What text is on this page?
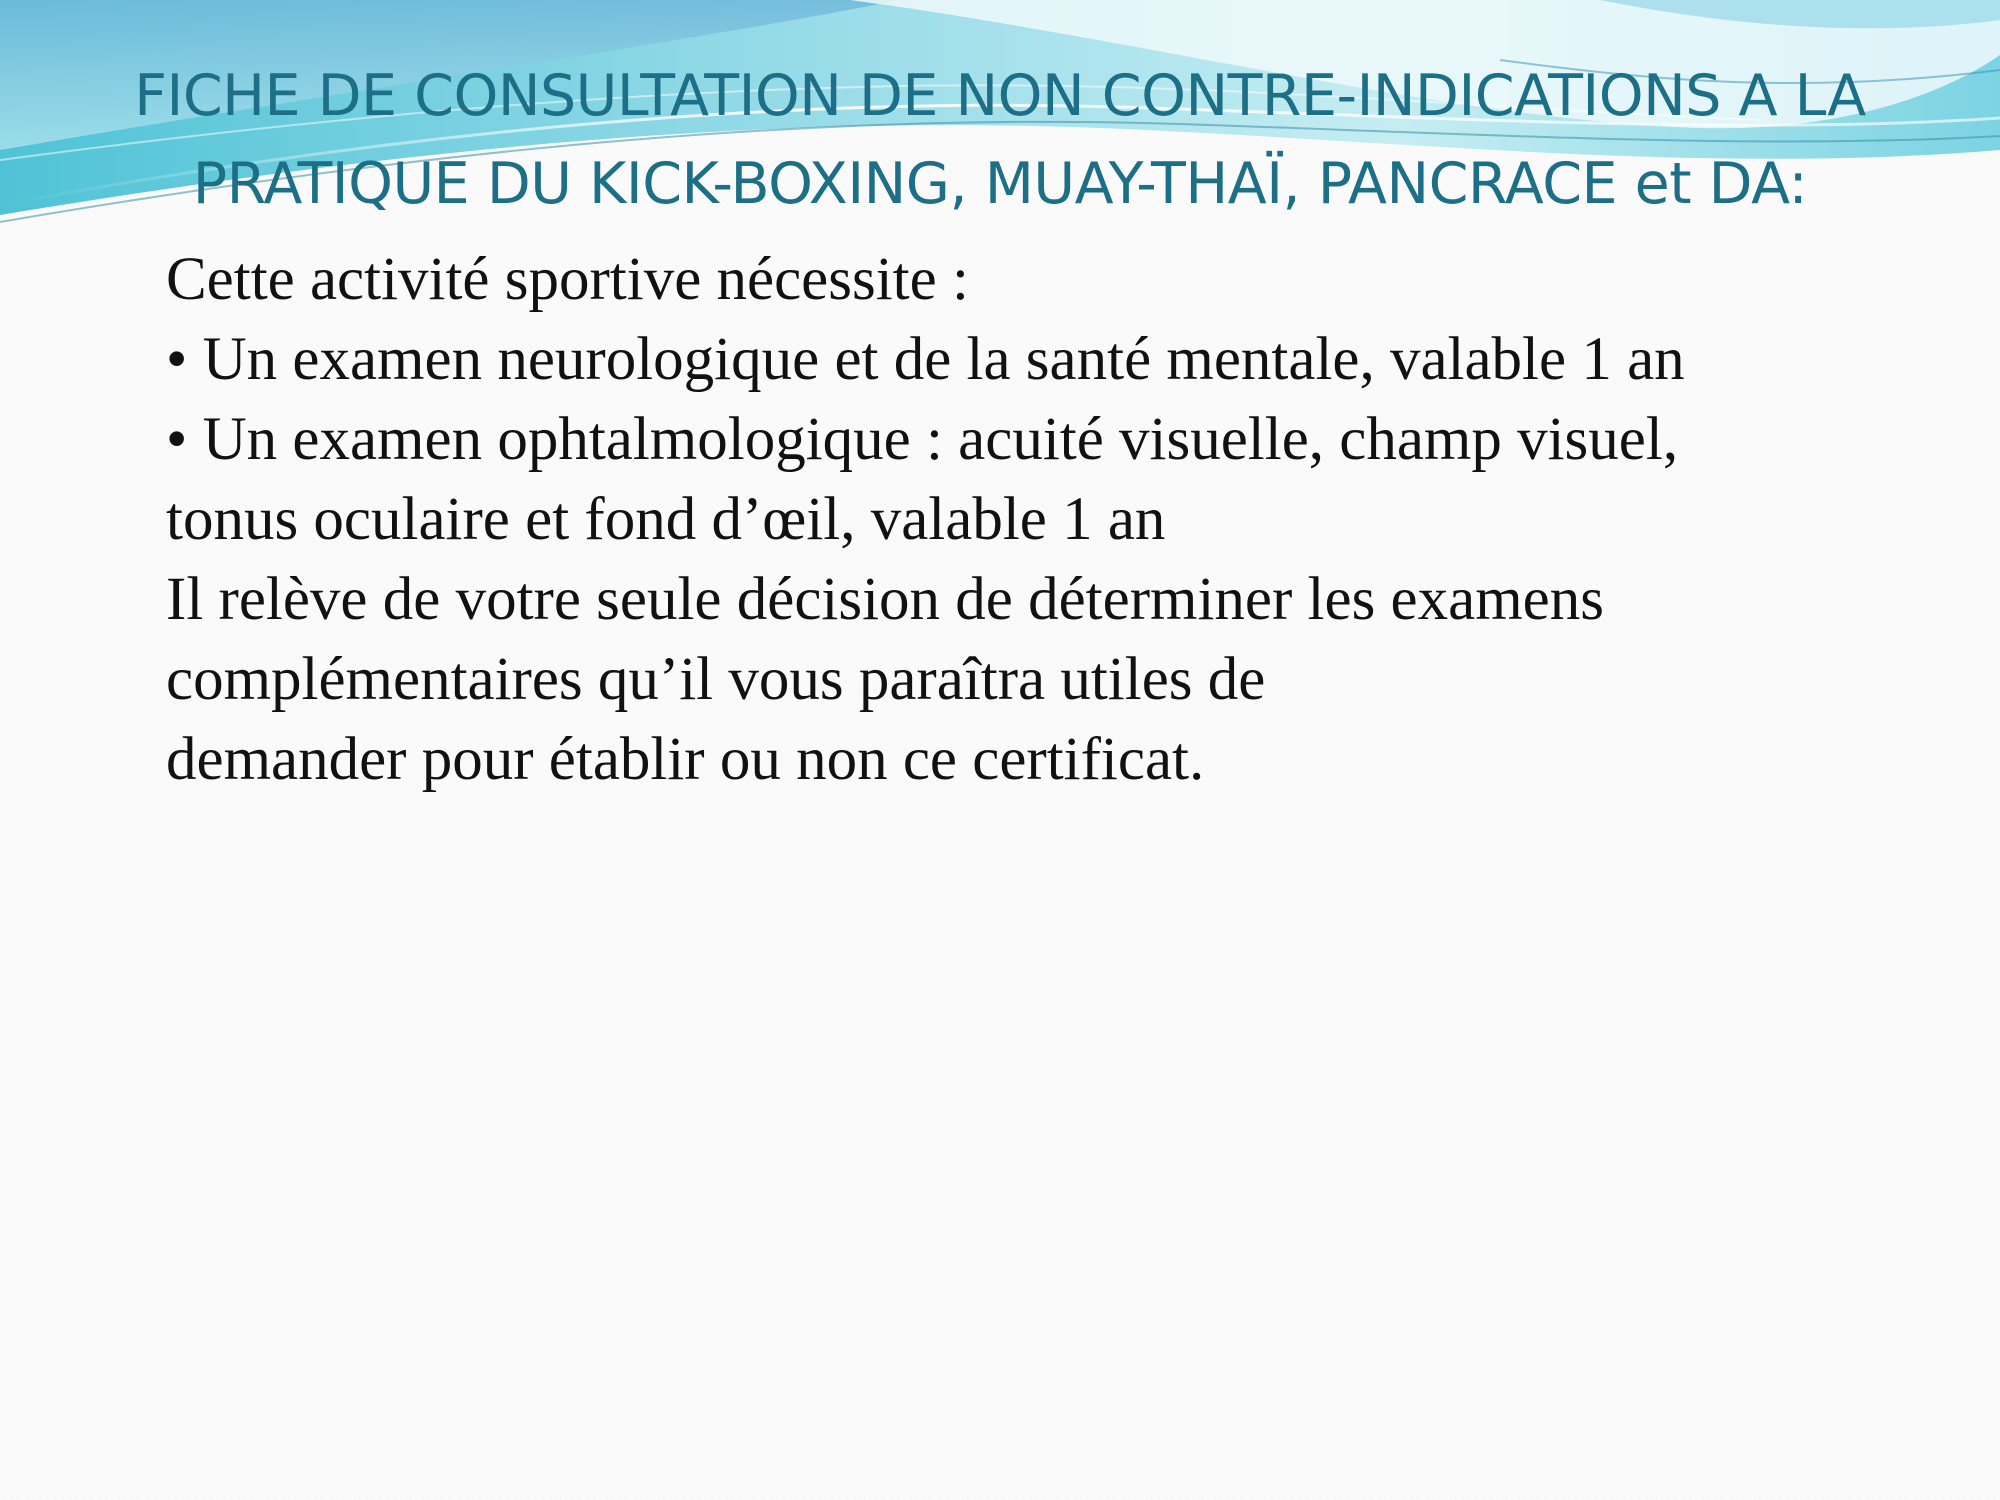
FICHE DE CONSULTATION DE NON CONTRE-INDICATIONS A LA
PRATIQUE DU KICK-BOXING, MUAY-THAÏ, PANCRACE et DA:
Cette activité sportive nécessite :
• Un examen neurologique et de la santé mentale, valable 1 an
• Un examen ophtalmologique : acuité visuelle, champ visuel,
tonus oculaire et fond d’œil, valable 1 an
Il relève de votre seule décision de déterminer les examens
complémentaires qu’il vous paraîtra utiles de
demander pour établir ou non ce certificat.
